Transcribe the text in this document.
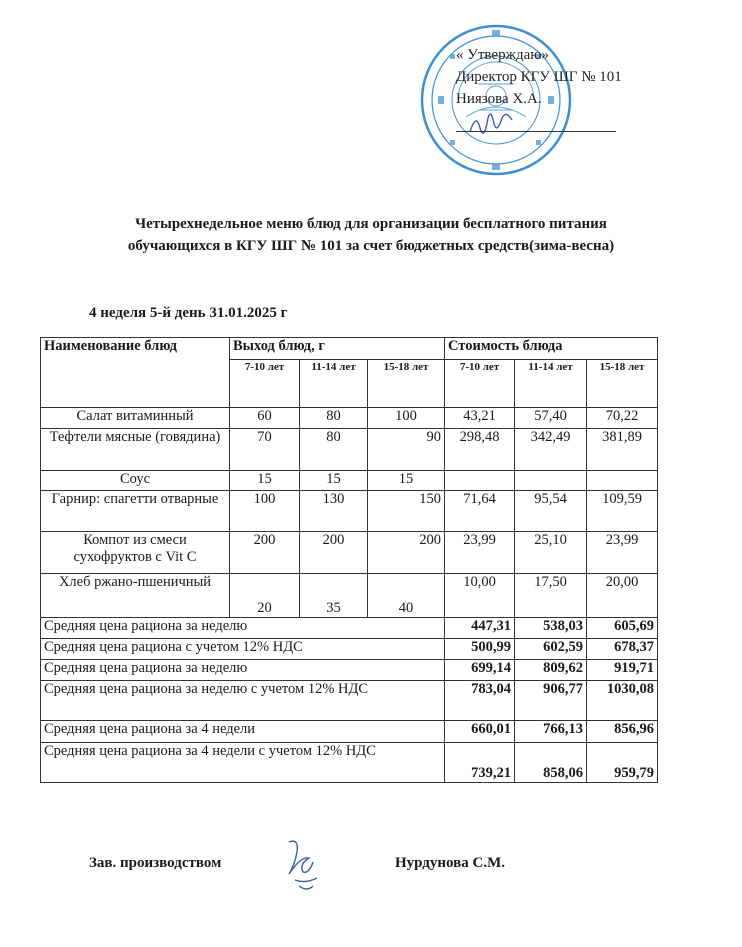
« Утверждаю»
Директор КГУ ШГ № 101
Ниязова Х.А.
Четырехнедельное меню блюд для организации бесплатного питания
обучающихся в КГУ ШГ № 101 за счет бюджетных средств(зима-весна)
4 неделя 5-й день 31.01.2025 г
Наименование блюд	Выход блюд, г			Стоимость блюда		
	7-10 лет	11-14 лет	15-18 лет	7-10 лет	11-14 лет	15-18 лет
Салат витаминный	60	80	100	43,21	57,40	70,22
Тефтели мясные (говядина)	70	80	90	298,48	342,49	381,89
Соус	15	15	15			
Гарнир: спагетти отварные	100	130	150	71,64	95,54	109,59
Компот из смеси сухофруктов с Vit C	200	200	200	23,99	25,10	23,99
Хлеб ржано-пшеничный	20	35	40	10,00	17,50	20,00
Средняя цена рациона за неделю				447,31	538,03	605,69
Средняя цена рациона с учетом 12% НДС				500,99	602,59	678,37
Средняя цена рациона за неделю				699,14	809,62	919,71
Средняя цена рациона за неделю с учетом 12% НДС				783,04	906,77	1030,08
Средняя цена рациона за 4 недели				660,01	766,13	856,96
Средняя цена рациона за 4 недели с учетом 12% НДС				739,21	858,06	959,79
Зав. производством	Нурдунова С.М.
